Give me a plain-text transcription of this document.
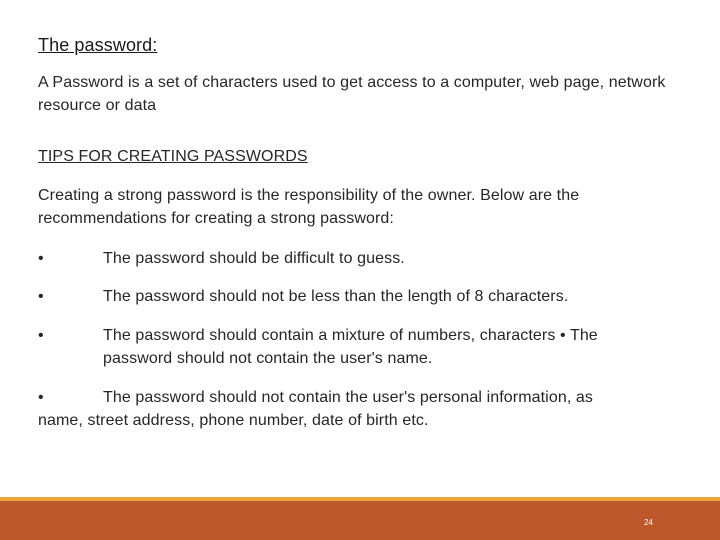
The password:

A Password is a set of characters used to get access to a computer, web page, network resource or data

TIPS FOR CREATING PASSWORDS

Creating a strong password is the responsibility of the owner. Below are the recommendations for creating a strong password:

•	The password should be difficult to guess.
•	The password should not be less than the length of 8 characters.
•	The password should contain a mixture of numbers, characters • The password should not contain the user's name.
•	The password should not contain the user's personal information, as
name, street address, phone number, date of birth etc.
24
